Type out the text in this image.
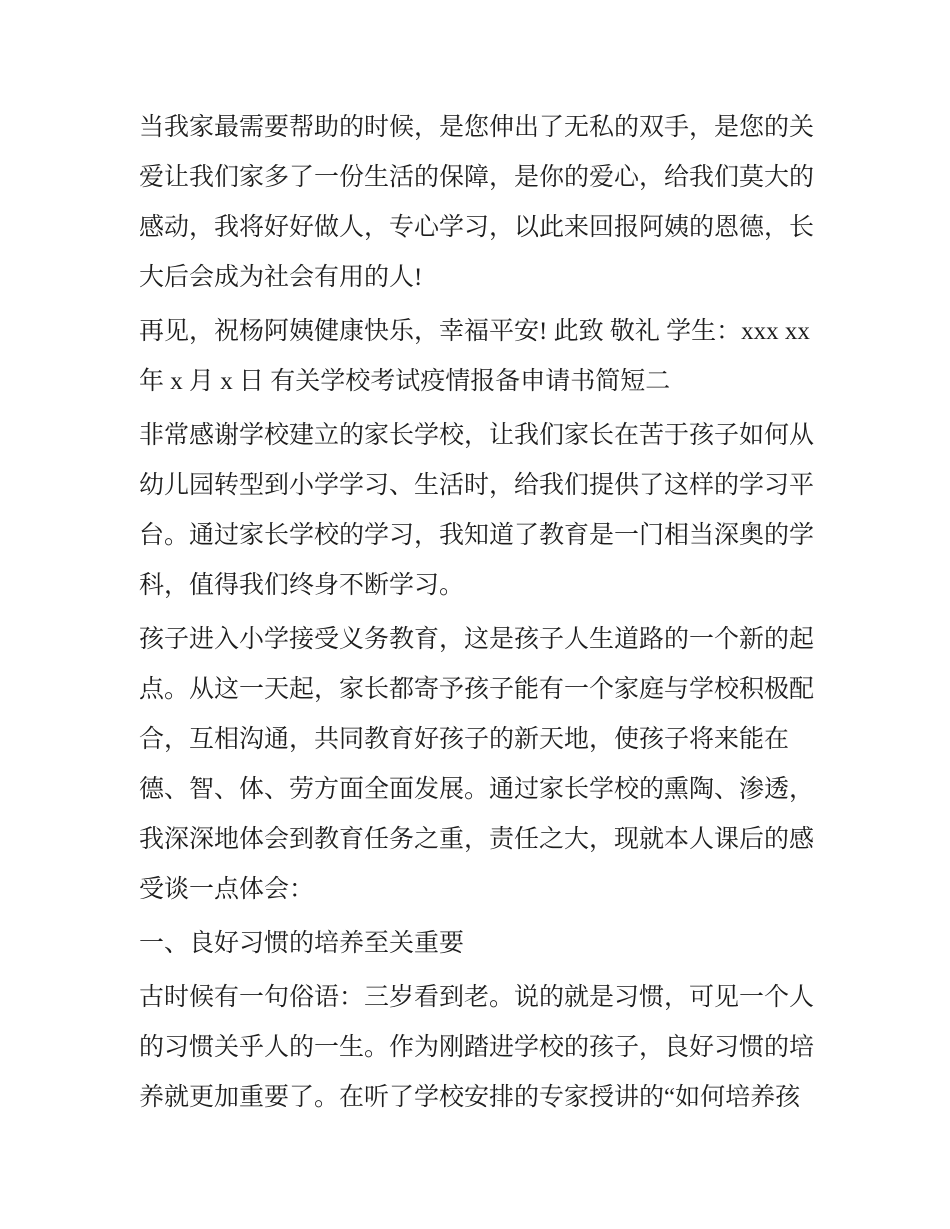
当我家最需要帮助的时候，是您伸出了无私的双手，是您的关爱让我们家多了一份生活的保障，是你的爱心，给我们莫大的感动，我将好好做人，专心学习，以此来回报阿姨的恩德，长大后会成为社会有用的人!

再见，祝杨阿姨健康快乐，幸福平安! 此致 敬礼 学生：xxx xx 年 x 月 x 日 有关学校考试疫情报备申请书简短二

非常感谢学校建立的家长学校，让我们家长在苦于孩子如何从幼儿园转型到小学学习、生活时，给我们提供了这样的学习平台。通过家长学校的学习，我知道了教育是一门相当深奥的学科，值得我们终身不断学习。

孩子进入小学接受义务教育，这是孩子人生道路的一个新的起点。从这一天起，家长都寄予孩子能有一个家庭与学校积极配合，互相沟通，共同教育好孩子的新天地，使孩子将来能在德、智、体、劳方面全面发展。通过家长学校的熏陶、渗透，我深深地体会到教育任务之重，责任之大，现就本人课后的感受谈一点体会：

一、良好习惯的培养至关重要

古时候有一句俗语：三岁看到老。说的就是习惯，可见一个人的习惯关乎人的一生。作为刚踏进学校的孩子，良好习惯的培养就更加重要了。在听了学校安排的专家授讲的“如何培养孩
